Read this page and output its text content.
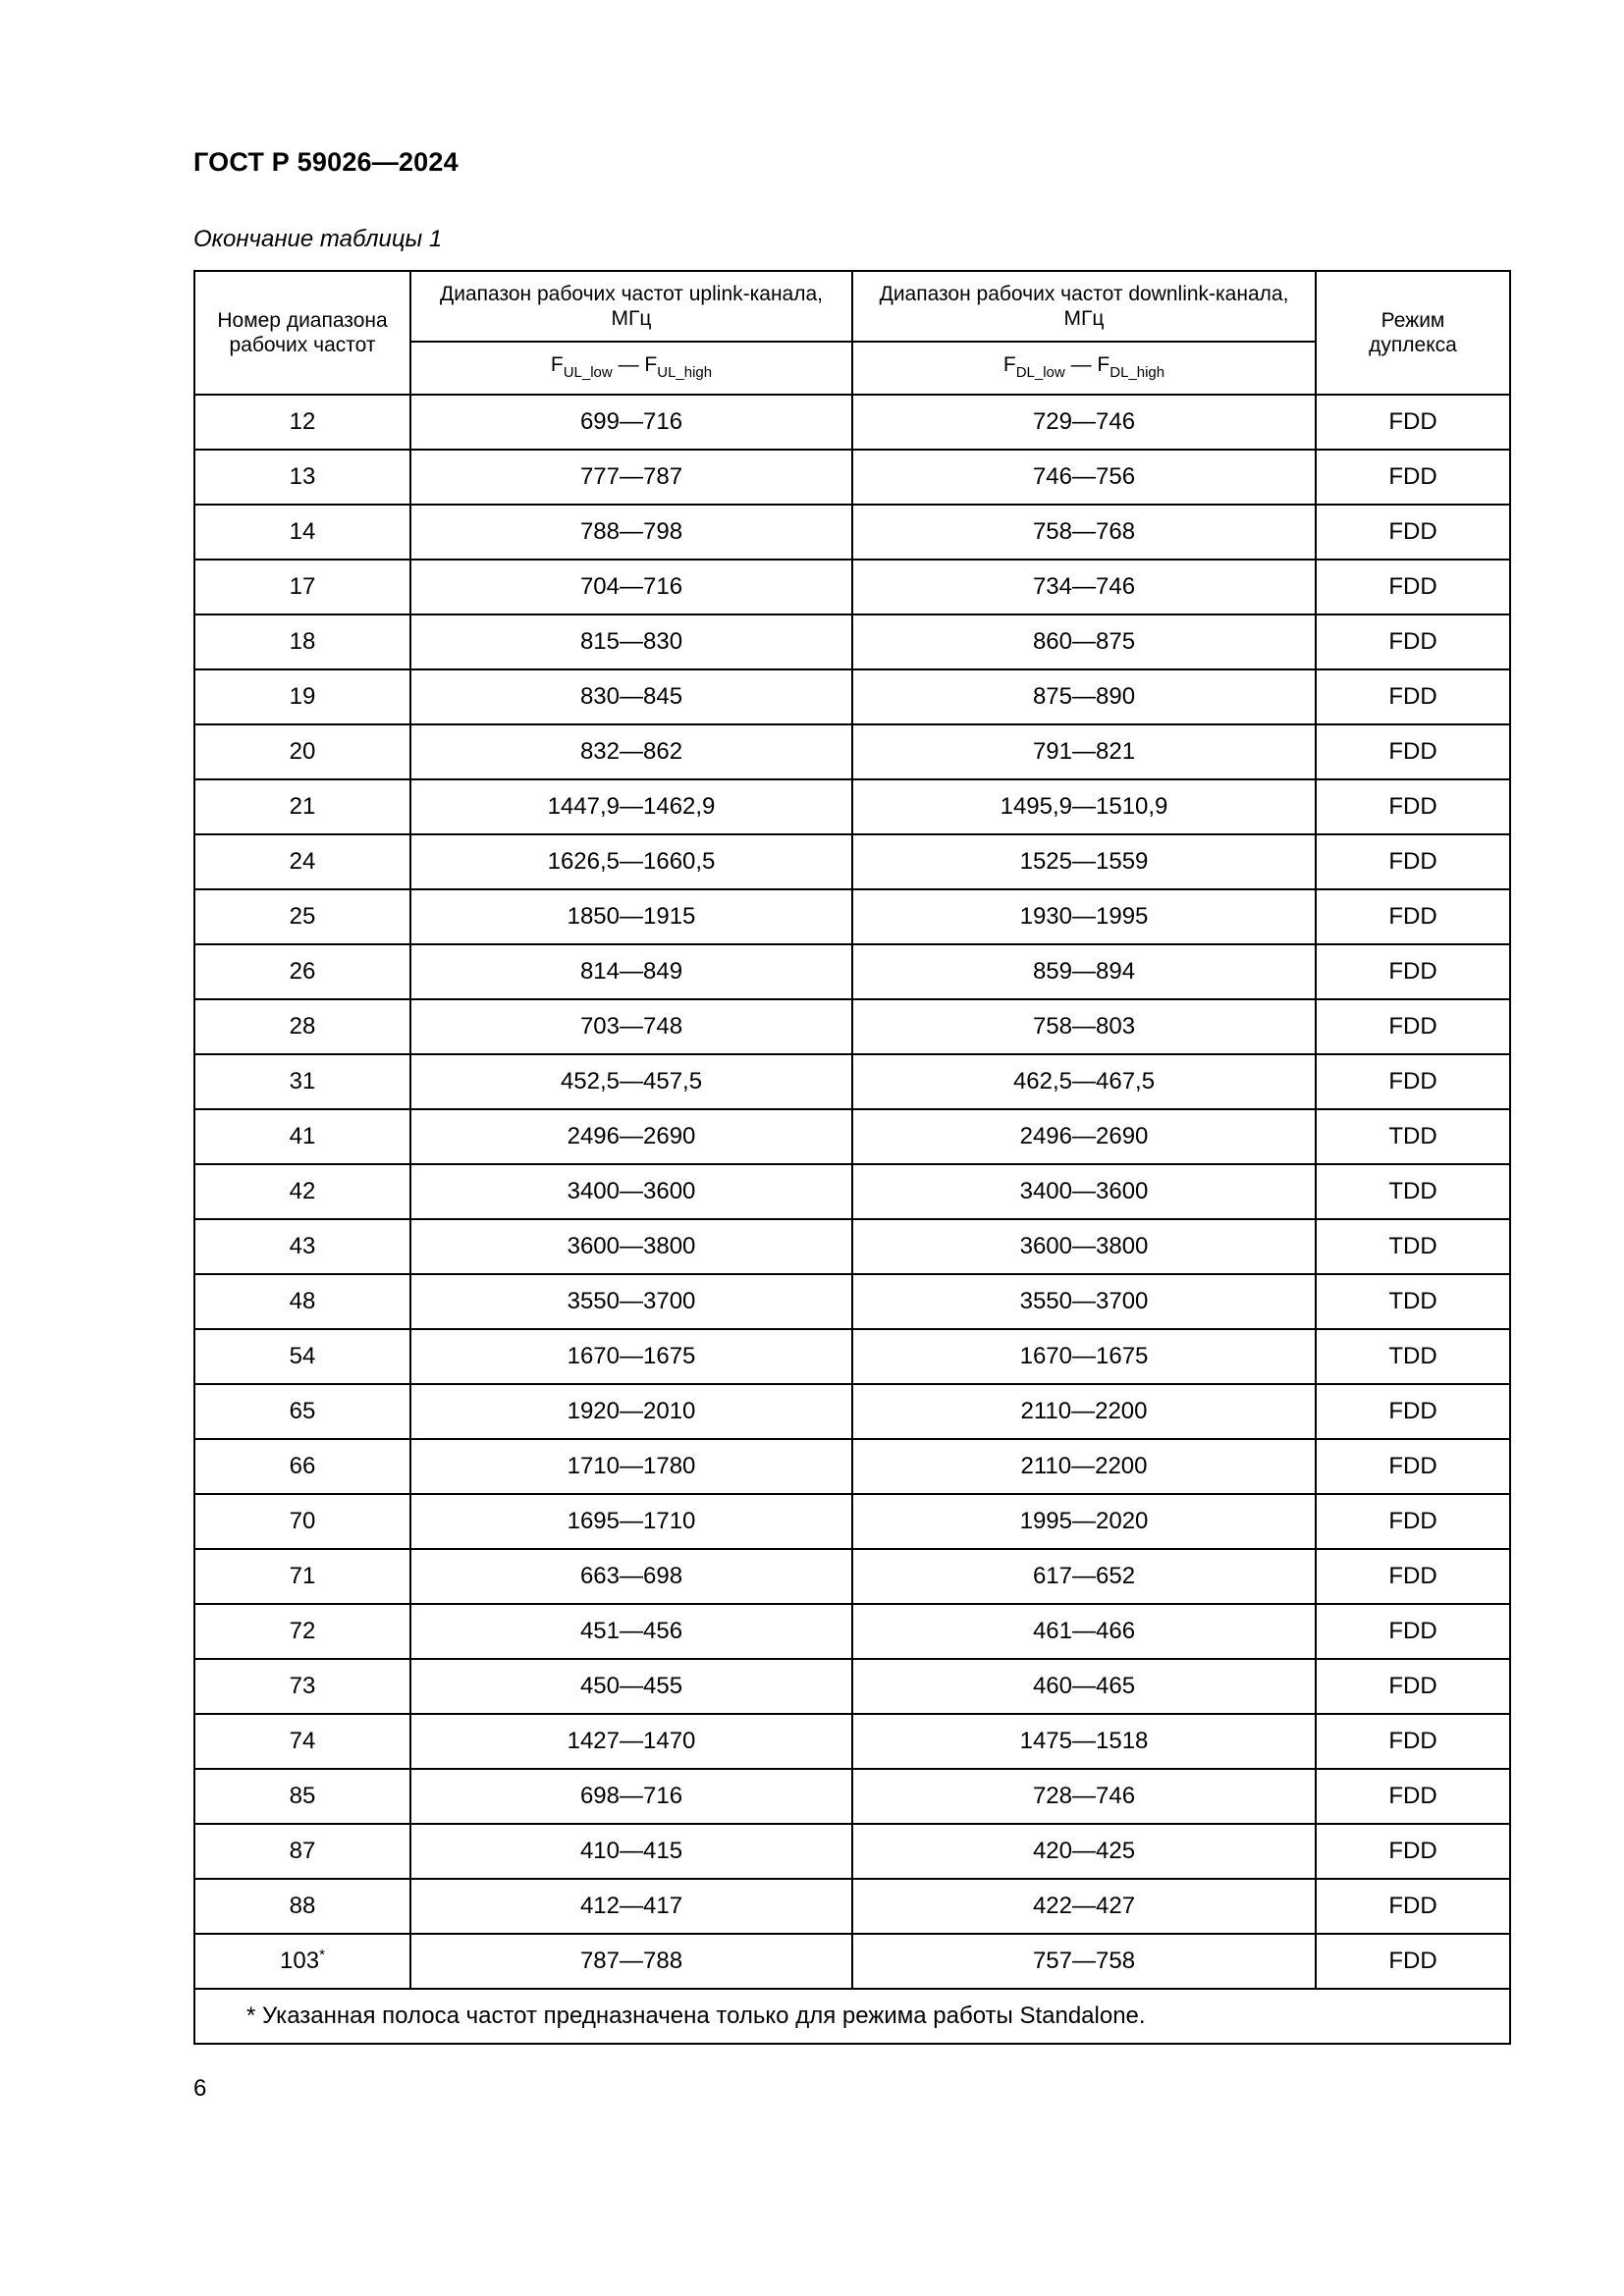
ГОСТ Р 59026—2024
Окончание таблицы 1
Номер диапазона рабочих частот	Диапазон рабочих частот uplink-канала, МГц	Диапазон рабочих частот downlink-канала, МГц	Режим дуплекса
	$F_{UL\_low}$ — $F_{UL\_high}$	$F_{DL\_low}$ — $F_{DL\_high}$
12	699—716	729—746	FDD
13	777—787	746—756	FDD
14	788—798	758—768	FDD
17	704—716	734—746	FDD
18	815—830	860—875	FDD
19	830—845	875—890	FDD
20	832—862	791—821	FDD
21	1447,9—1462,9	1495,9—1510,9	FDD
24	1626,5—1660,5	1525—1559	FDD
25	1850—1915	1930—1995	FDD
26	814—849	859—894	FDD
28	703—748	758—803	FDD
31	452,5—457,5	462,5—467,5	FDD
41	2496—2690	2496—2690	TDD
42	3400—3600	3400—3600	TDD
43	3600—3800	3600—3800	TDD
48	3550—3700	3550—3700	TDD
54	1670—1675	1670—1675	TDD
65	1920—2010	2110—2200	FDD
66	1710—1780	2110—2200	FDD
70	1695—1710	1995—2020	FDD
71	663—698	617—652	FDD
72	451—456	461—466	FDD
73	450—455	460—465	FDD
74	1427—1470	1475—1518	FDD
85	698—716	728—746	FDD
87	410—415	420—425	FDD
88	412—417	422—427	FDD
103*	787—788	757—758	FDD
* Указанная полоса частот предназначена только для режима работы Standalone.			
6
